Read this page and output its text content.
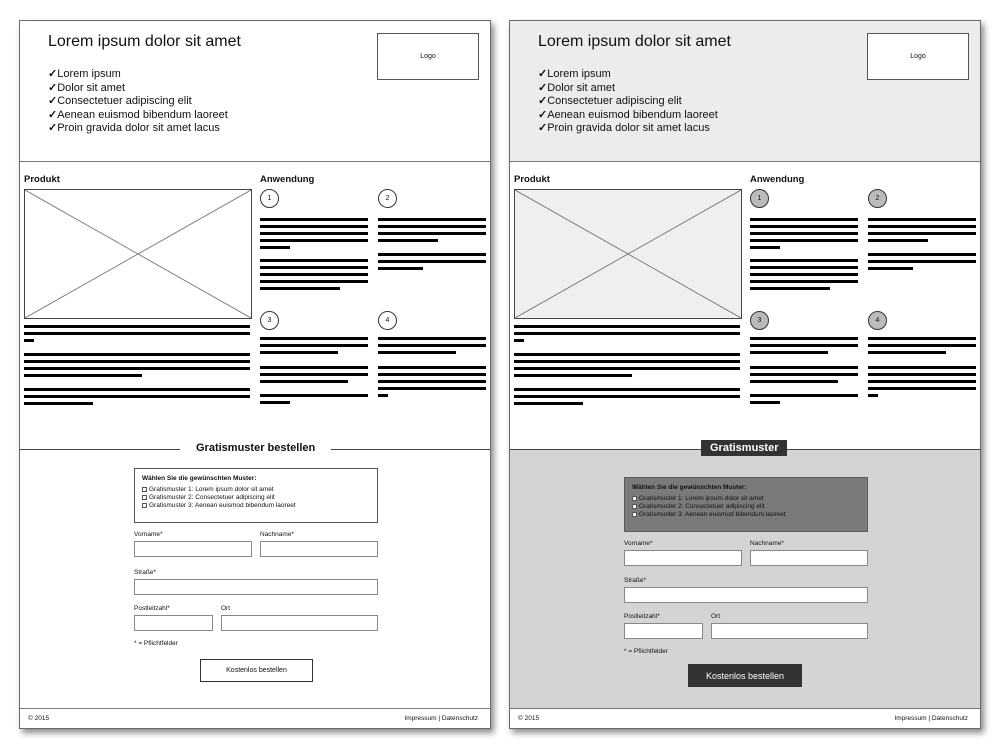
Lorem ipsum dolor sit amet
Logo
✓ Lorem ipsum
✓ Dolor sit amet
✓ Consectetuer adipiscing elit
✓ Aenean euismod bibendum laoreet
✓ Proin gravida dolor sit amet lacus
Produkt	Anwendung
1	2
3	4
Gratismuster bestellen
Wählen Sie die gewünschten Muster:
Gratismuster 1: Lorem ipsum dolor sit amet
Gratismuster 2: Consectetuer adipiscing elit
Gratismuster 3: Aenean euismod bibendum laoreet
Vorname*	Nachname*
Straße*
Postleitzahl*	Ort
* = Pflichtfelder
Kostenlos bestellen
© 2015	Impressum | Datenschutz
Lorem ipsum dolor sit amet
Logo
✓ Lorem ipsum
✓ Dolor sit amet
✓ Consectetuer adipiscing elit
✓ Aenean euismod bibendum laoreet
✓ Proin gravida dolor sit amet lacus
Produkt	Anwendung
1	2
3	4
Gratismuster
Wählen Sie die gewünschten Muster:
Gratismuster 1: Lorem ipsum dolor sit amet
Gratismuster 2: Consectetuer adipiscing elit
Gratismuster 3: Aenean euismod bibendum laoreet
Vorname*	Nachname*
Straße*
Postleitzahl*	Ort
* = Pflichtfelder
Kostenlos bestellen
© 2015	Impressum | Datenschutz
